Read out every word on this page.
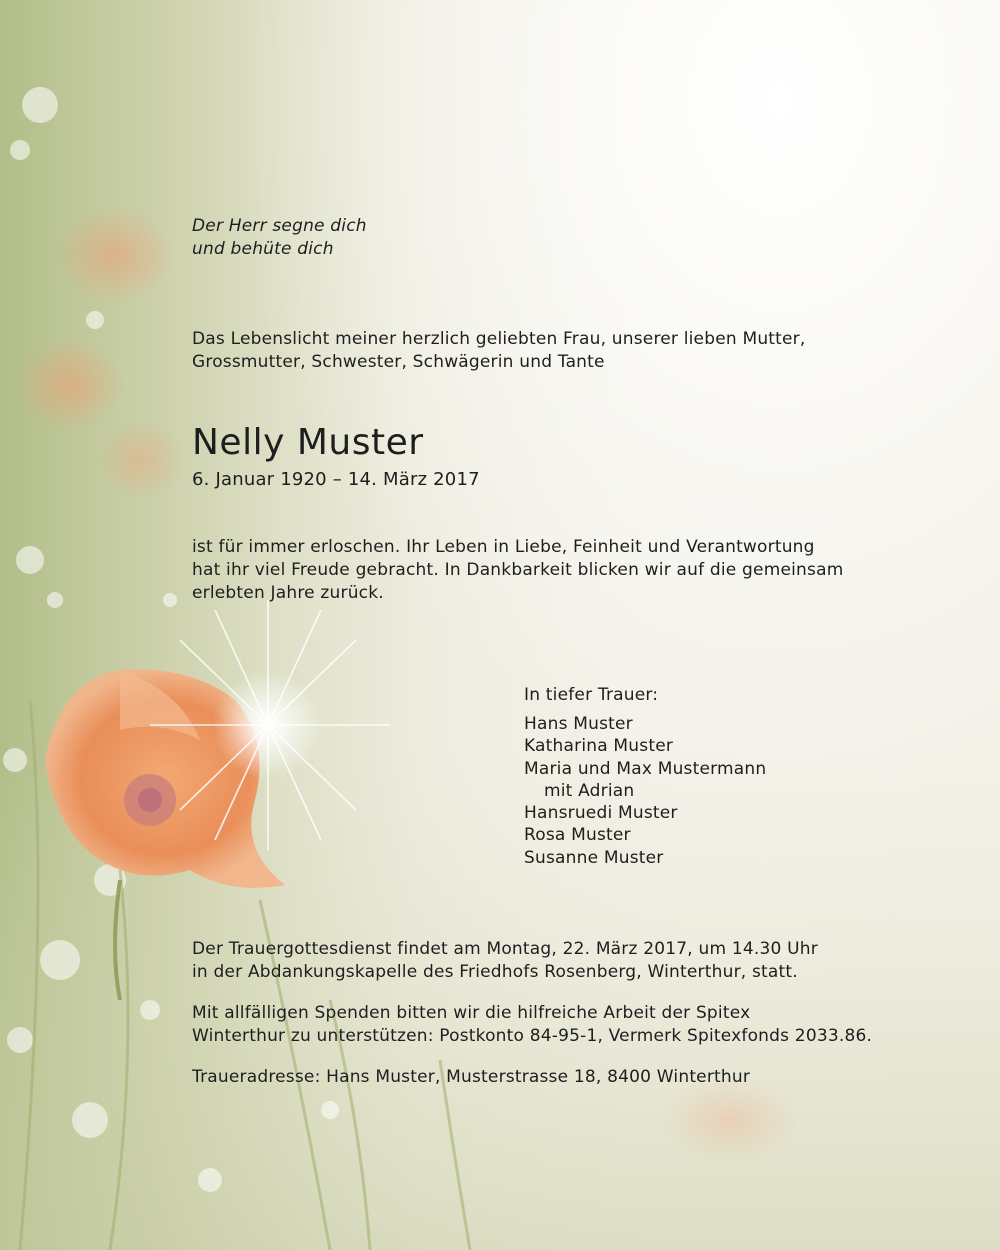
Der Herr segne dich
und behüte dich
Das Lebenslicht meiner herzlich geliebten Frau, unserer lieben Mutter,
Grossmutter, Schwester, Schwägerin und Tante
Nelly Muster
6. Januar 1920 – 14. März 2017
ist für immer erloschen. Ihr Leben in Liebe, Feinheit und Verantwortung
hat ihr viel Freude gebracht. In Dankbarkeit blicken wir auf die gemeinsam
erlebten Jahre zurück.
In tiefer Trauer:
Hans Muster
Katharina Muster
Maria und Max Mustermann
mit Adrian
Hansruedi Muster
Rosa Muster
Susanne Muster
Der Trauergottesdienst findet am Montag, 22. März 2017, um 14.30 Uhr
in der Abdankungskapelle des Friedhofs Rosenberg, Winterthur, statt.
Mit allfälligen Spenden bitten wir die hilfreiche Arbeit der Spitex
Winterthur zu unterstützen: Postkonto 84-95-1, Vermerk Spitexfonds 2033.86.
Traueradresse: Hans Muster, Musterstrasse 18, 8400 Winterthur
